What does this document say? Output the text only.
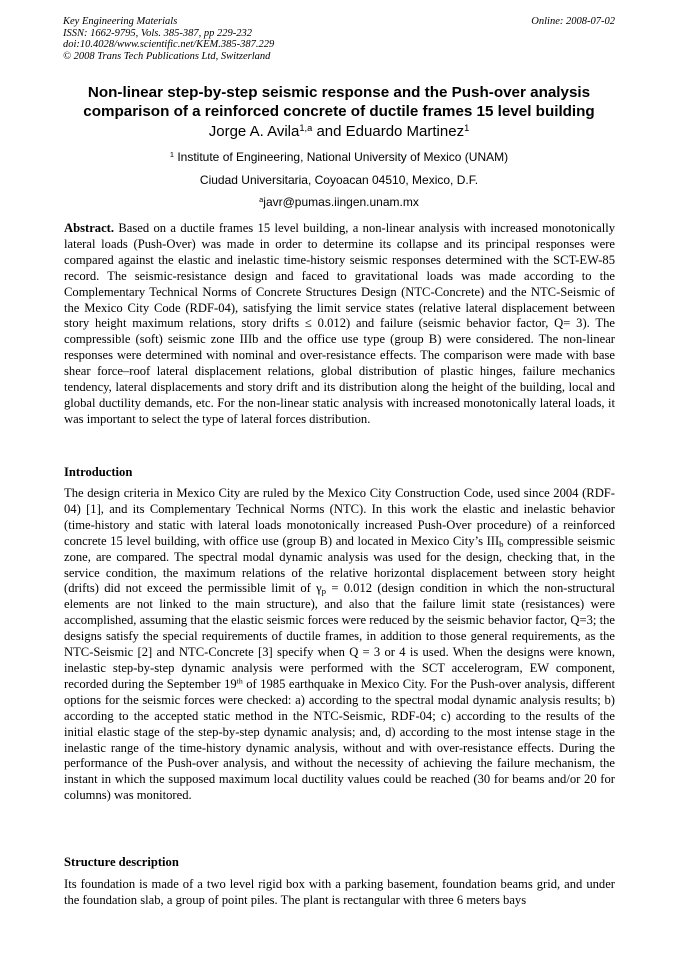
Key Engineering Materials
ISSN: 1662-9795, Vols. 385-387, pp 229-232
doi:10.4028/www.scientific.net/KEM.385-387.229
© 2008 Trans Tech Publications Ltd, Switzerland
Online: 2008-07-02
Non-linear step-by-step seismic response and the Push-over analysis
comparison of a reinforced concrete of ductile frames 15 level building
Jorge A. Avila$^{1,a}$ and Eduardo Martinez$^1$
$^1$ Institute of Engineering, National University of Mexico (UNAM)
Ciudad Universitaria, Coyoacan 04510, Mexico, D.F.
$^a$javr@pumas.iingen.unam.mx

Abstract. Based on a ductile frames 15 level building, a non-linear analysis with increased monotonically lateral loads (Push-Over) was made in order to determine its collapse and its principal responses were compared against the elastic and inelastic time-history seismic responses determined with the SCT-EW-85 record. The seismic-resistance design and faced to gravitational loads was made according to the Complementary Technical Norms of Concrete Structures Design (NTC-Concrete) and the NTC-Seismic of the Mexico City Code (RDF-04), satisfying the limit service states (relative lateral displacement between story height maximum relations, story drifts ≤ 0.012) and failure (seismic behavior factor, Q= 3). The compressible (soft) seismic zone IIIb and the office use type (group B) were considered. The non-linear responses were determined with nominal and over-resistance effects. The comparison were made with base shear force–roof lateral displacement relations, global distribution of plastic hinges, failure mechanics tendency, lateral displacements and story drift and its distribution along the height of the building, local and global ductility demands, etc. For the non-linear static analysis with increased monotonically lateral loads, it was important to select the type of lateral forces distribution.

Introduction

The design criteria in Mexico City are ruled by the Mexico City Construction Code, used since 2004 (RDF-04) [1], and its Complementary Technical Norms (NTC). In this work the elastic and inelastic behavior (time-history and static with lateral loads monotonically increased Push-Over procedure) of a reinforced concrete 15 level building, with office use (group B) and located in Mexico City’s $III_b$ compressible seismic zone, are compared. The spectral modal dynamic analysis was used for the design, checking that, in the service condition, the maximum relations of the relative horizontal displacement between story height (drifts) did not exceed the permissible limit of $\gamma_p = 0.012$ (design condition in which the non-structural elements are not linked to the main structure), and also that the failure limit state (resistances) were accomplished, assuming that the elastic seismic forces were reduced by the seismic behavior factor, Q=3; the designs satisfy the special requirements of ductile frames, in addition to those general requirements, as the NTC-Seismic [2] and NTC-Concrete [3] specify when Q = 3 or 4 is used. When the designs were known, inelastic step-by-step dynamic analysis were performed with the SCT accelerogram, EW component, recorded during the September 19th of 1985 earthquake in Mexico City. For the Push-over analysis, different options for the seismic forces were checked: a) according to the spectral modal dynamic analysis results; b) according to the accepted static method in the NTC-Seismic, RDF-04; c) according to the results of the initial elastic stage of the step-by-step dynamic analysis; and, d) according to the most intense stage in the inelastic range of the time-history dynamic analysis, without and with over-resistance effects. During the performance of the Push-over analysis, and without the necessity of achieving the failure mechanism, the instant in which the supposed maximum local ductility values could be reached (30 for beams and/or 20 for columns) was monitored.

Structure description

Its foundation is made of a two level rigid box with a parking basement, foundation beams grid, and under the foundation slab, a group of point piles. The plant is rectangular with three 6 meters bays
